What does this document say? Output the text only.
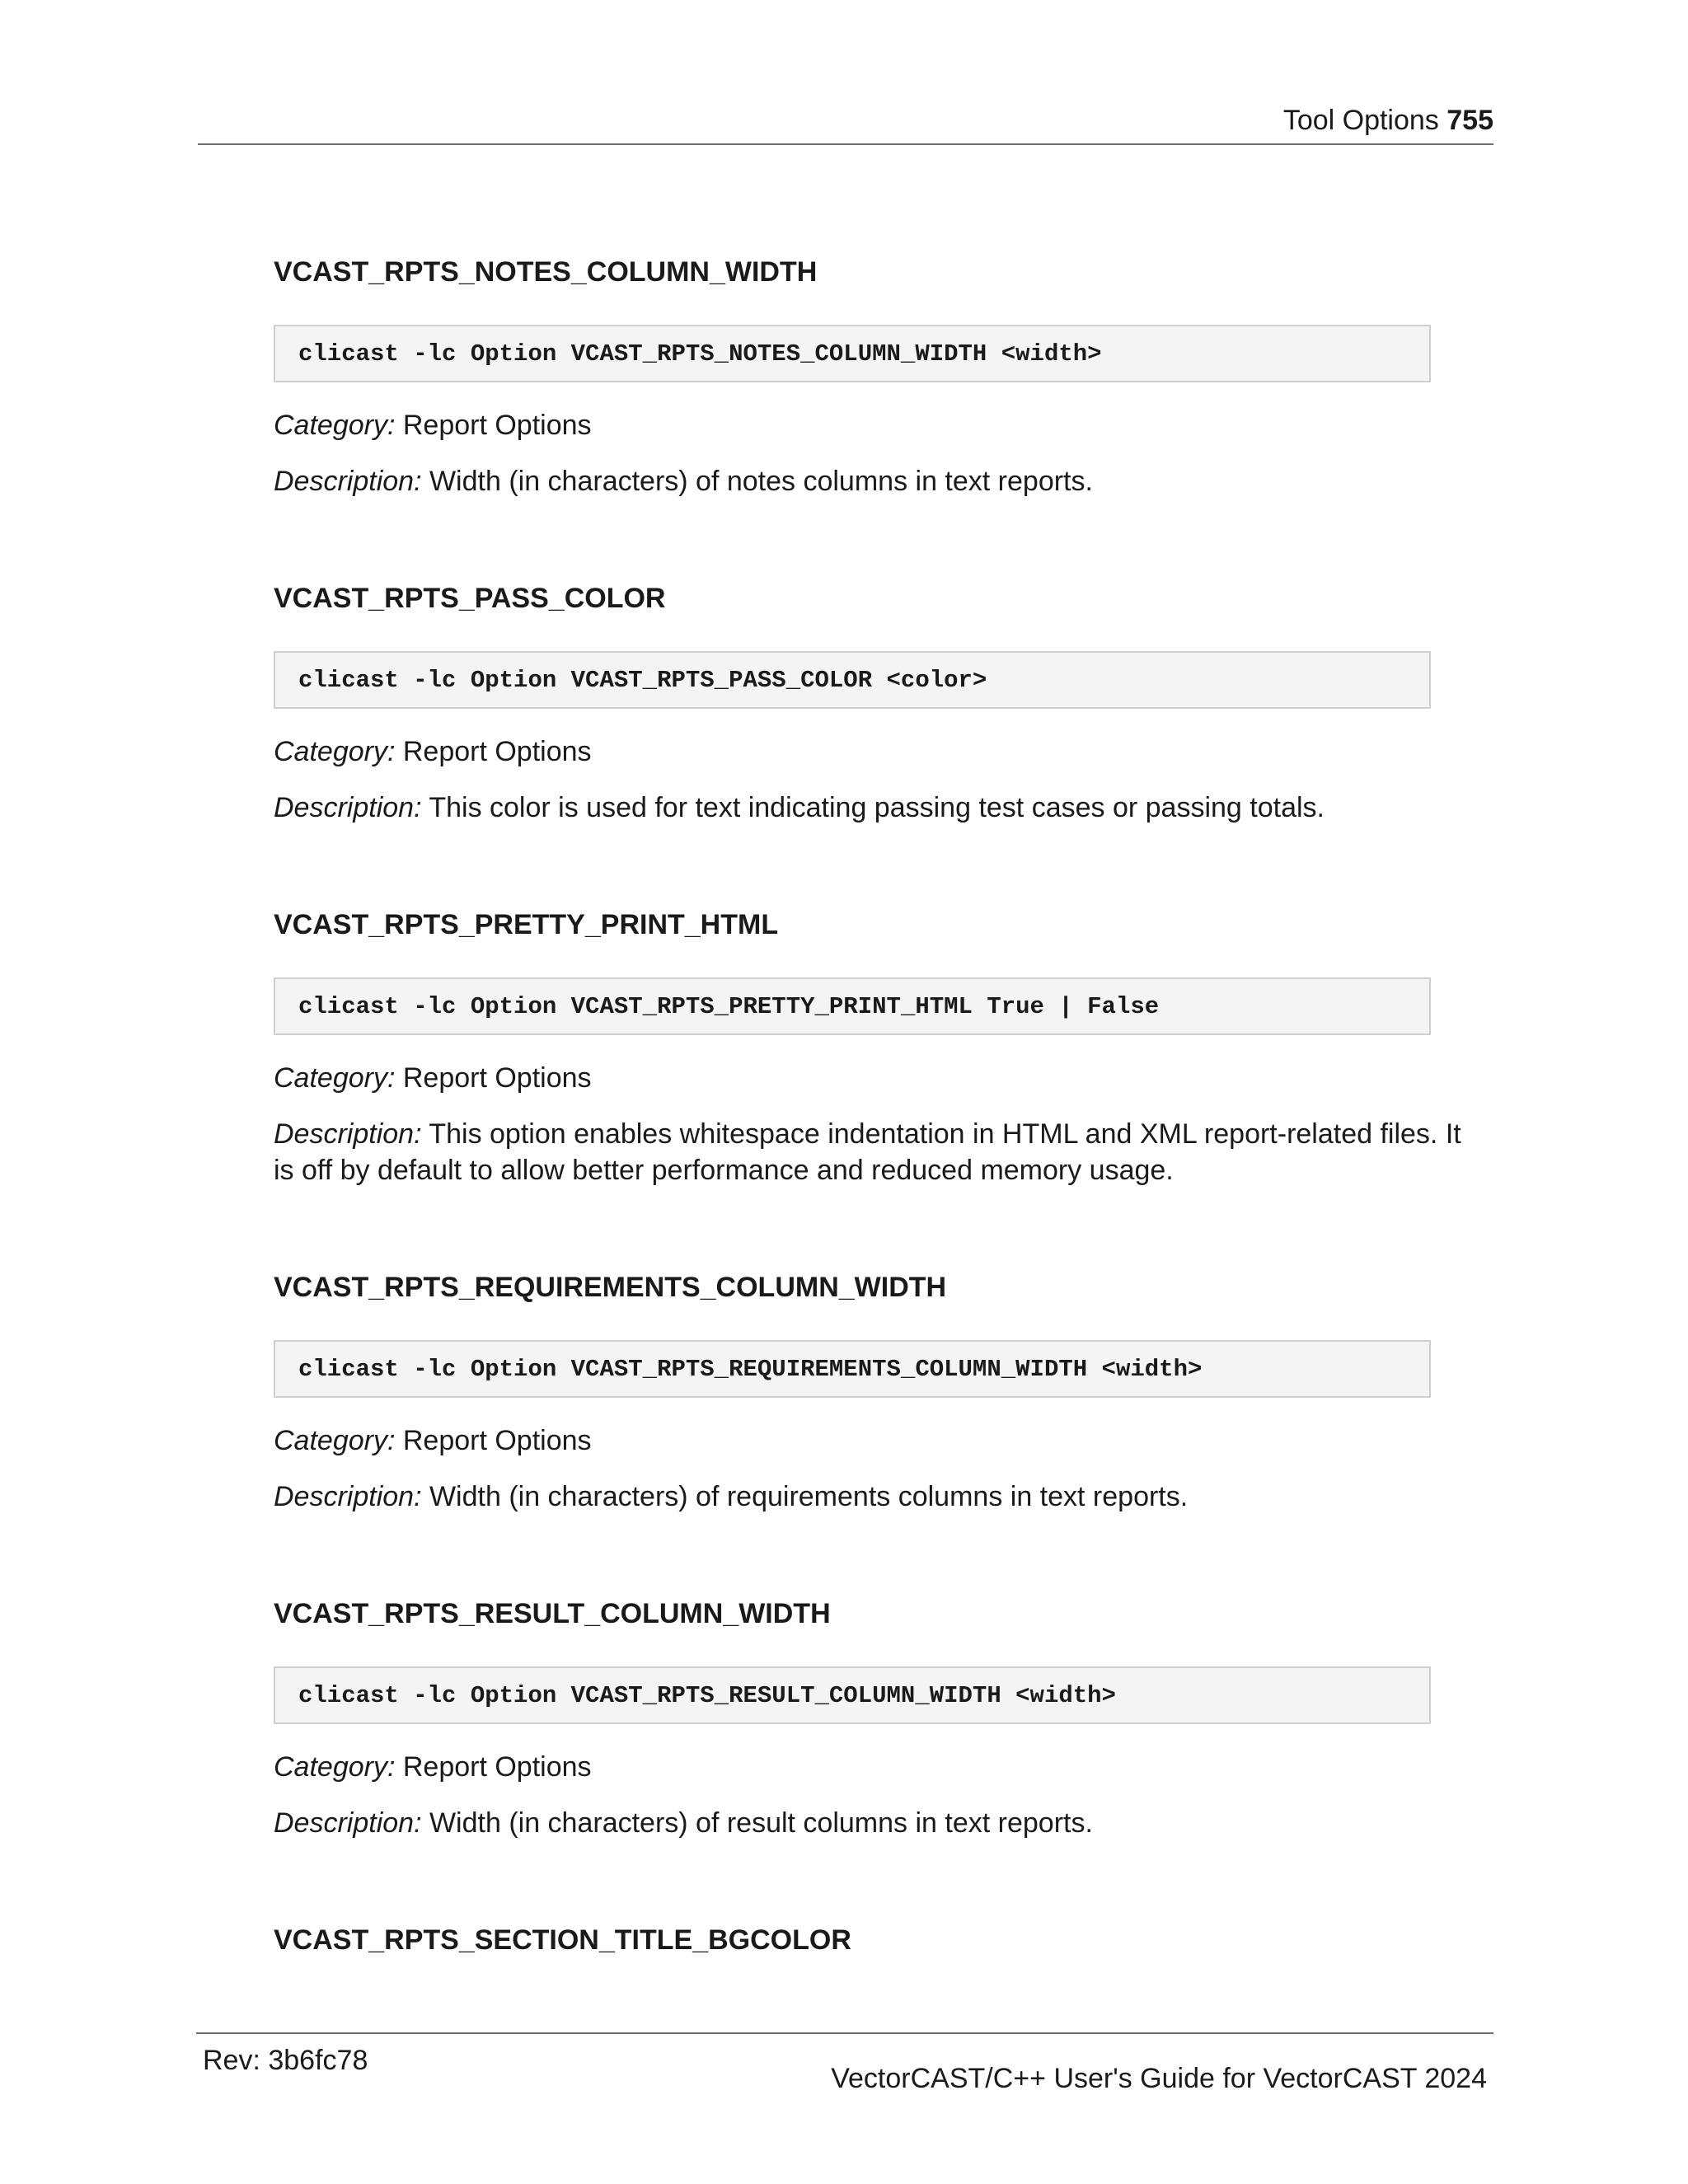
Tool Options 755
VCAST_RPTS_NOTES_COLUMN_WIDTH
clicast -lc Option VCAST_RPTS_NOTES_COLUMN_WIDTH <width>

Category: Report Options

Description: Width (in characters) of notes columns in text reports.

VCAST_RPTS_PASS_COLOR
clicast -lc Option VCAST_RPTS_PASS_COLOR <color>

Category: Report Options

Description: This color is used for text indicating passing test cases or passing totals.

VCAST_RPTS_PRETTY_PRINT_HTML
clicast -lc Option VCAST_RPTS_PRETTY_PRINT_HTML True | False

Category: Report Options

Description: This option enables whitespace indentation in HTML and XML report-related files. It is off by default to allow better performance and reduced memory usage.

VCAST_RPTS_REQUIREMENTS_COLUMN_WIDTH
clicast -lc Option VCAST_RPTS_REQUIREMENTS_COLUMN_WIDTH <width>

Category: Report Options

Description: Width (in characters) of requirements columns in text reports.

VCAST_RPTS_RESULT_COLUMN_WIDTH
clicast -lc Option VCAST_RPTS_RESULT_COLUMN_WIDTH <width>

Category: Report Options

Description: Width (in characters) of result columns in text reports.

VCAST_RPTS_SECTION_TITLE_BGCOLOR
Rev: 3b6fc78
VectorCAST/C++ User's Guide for VectorCAST 2024
